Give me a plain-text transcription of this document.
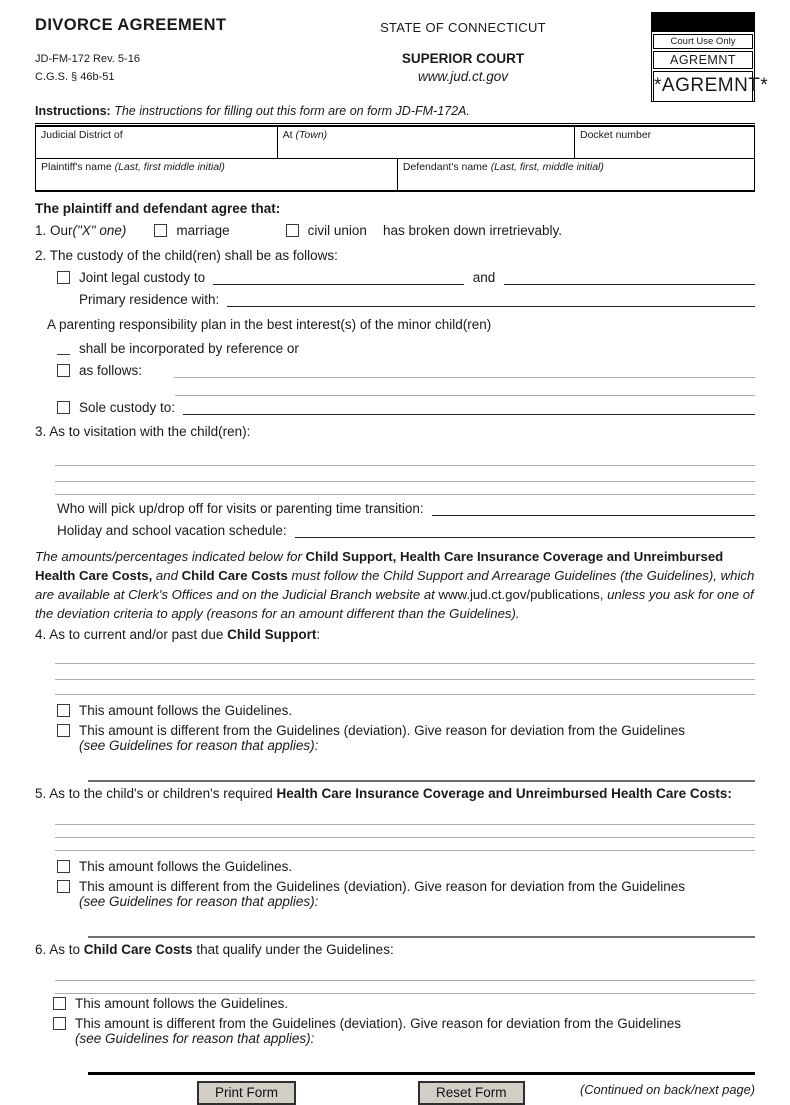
DIVORCE AGREEMENT
JD-FM-172 Rev. 5-16
C.G.S. § 46b-51
STATE OF CONNECTICUT
SUPERIOR COURT
www.jud.ct.gov
Court Use Only
AGREMNT
*AGREMNT*
Instructions: The instructions for filling out this form are on form JD-FM-172A.
Judicial District of	At (Town)	Docket number
Plaintiff's name (Last, first middle initial)	Defendant's name (Last, first, middle initial)
The plaintiff and defendant agree that:
1. Our ("X" one)	marriage	civil union has broken down irretrievably.
2. The custody of the child(ren) shall be as follows:
Joint legal custody to	and
Primary residence with:
A parenting responsibility plan in the best interest(s) of the minor child(ren)
shall be incorporated by reference or
as follows:
Sole custody to:
3. As to visitation with the child(ren):
Who will pick up/drop off for visits or parenting time transition:
Holiday and school vacation schedule:
The amounts/percentages indicated below for Child Support, Health Care Insurance Coverage and Unreimbursed Health Care Costs, and Child Care Costs must follow the Child Support and Arrearage Guidelines (the Guidelines), which are available at Clerk's Offices and on the Judicial Branch website at www.jud.ct.gov/publications, unless you ask for one of the deviation criteria to apply (reasons for an amount different than the Guidelines).
4. As to current and/or past due Child Support:
This amount follows the Guidelines.
This amount is different from the Guidelines (deviation). Give reason for deviation from the Guidelines
(see Guidelines for reason that applies):
5. As to the child's or children's required Health Care Insurance Coverage and Unreimbursed Health Care Costs:
This amount follows the Guidelines.
This amount is different from the Guidelines (deviation). Give reason for deviation from the Guidelines
(see Guidelines for reason that applies):
6. As to Child Care Costs that qualify under the Guidelines:
This amount follows the Guidelines.
This amount is different from the Guidelines (deviation). Give reason for deviation from the Guidelines
(see Guidelines for reason that applies):
Print Form	Reset Form	(Continued on back/next page)
